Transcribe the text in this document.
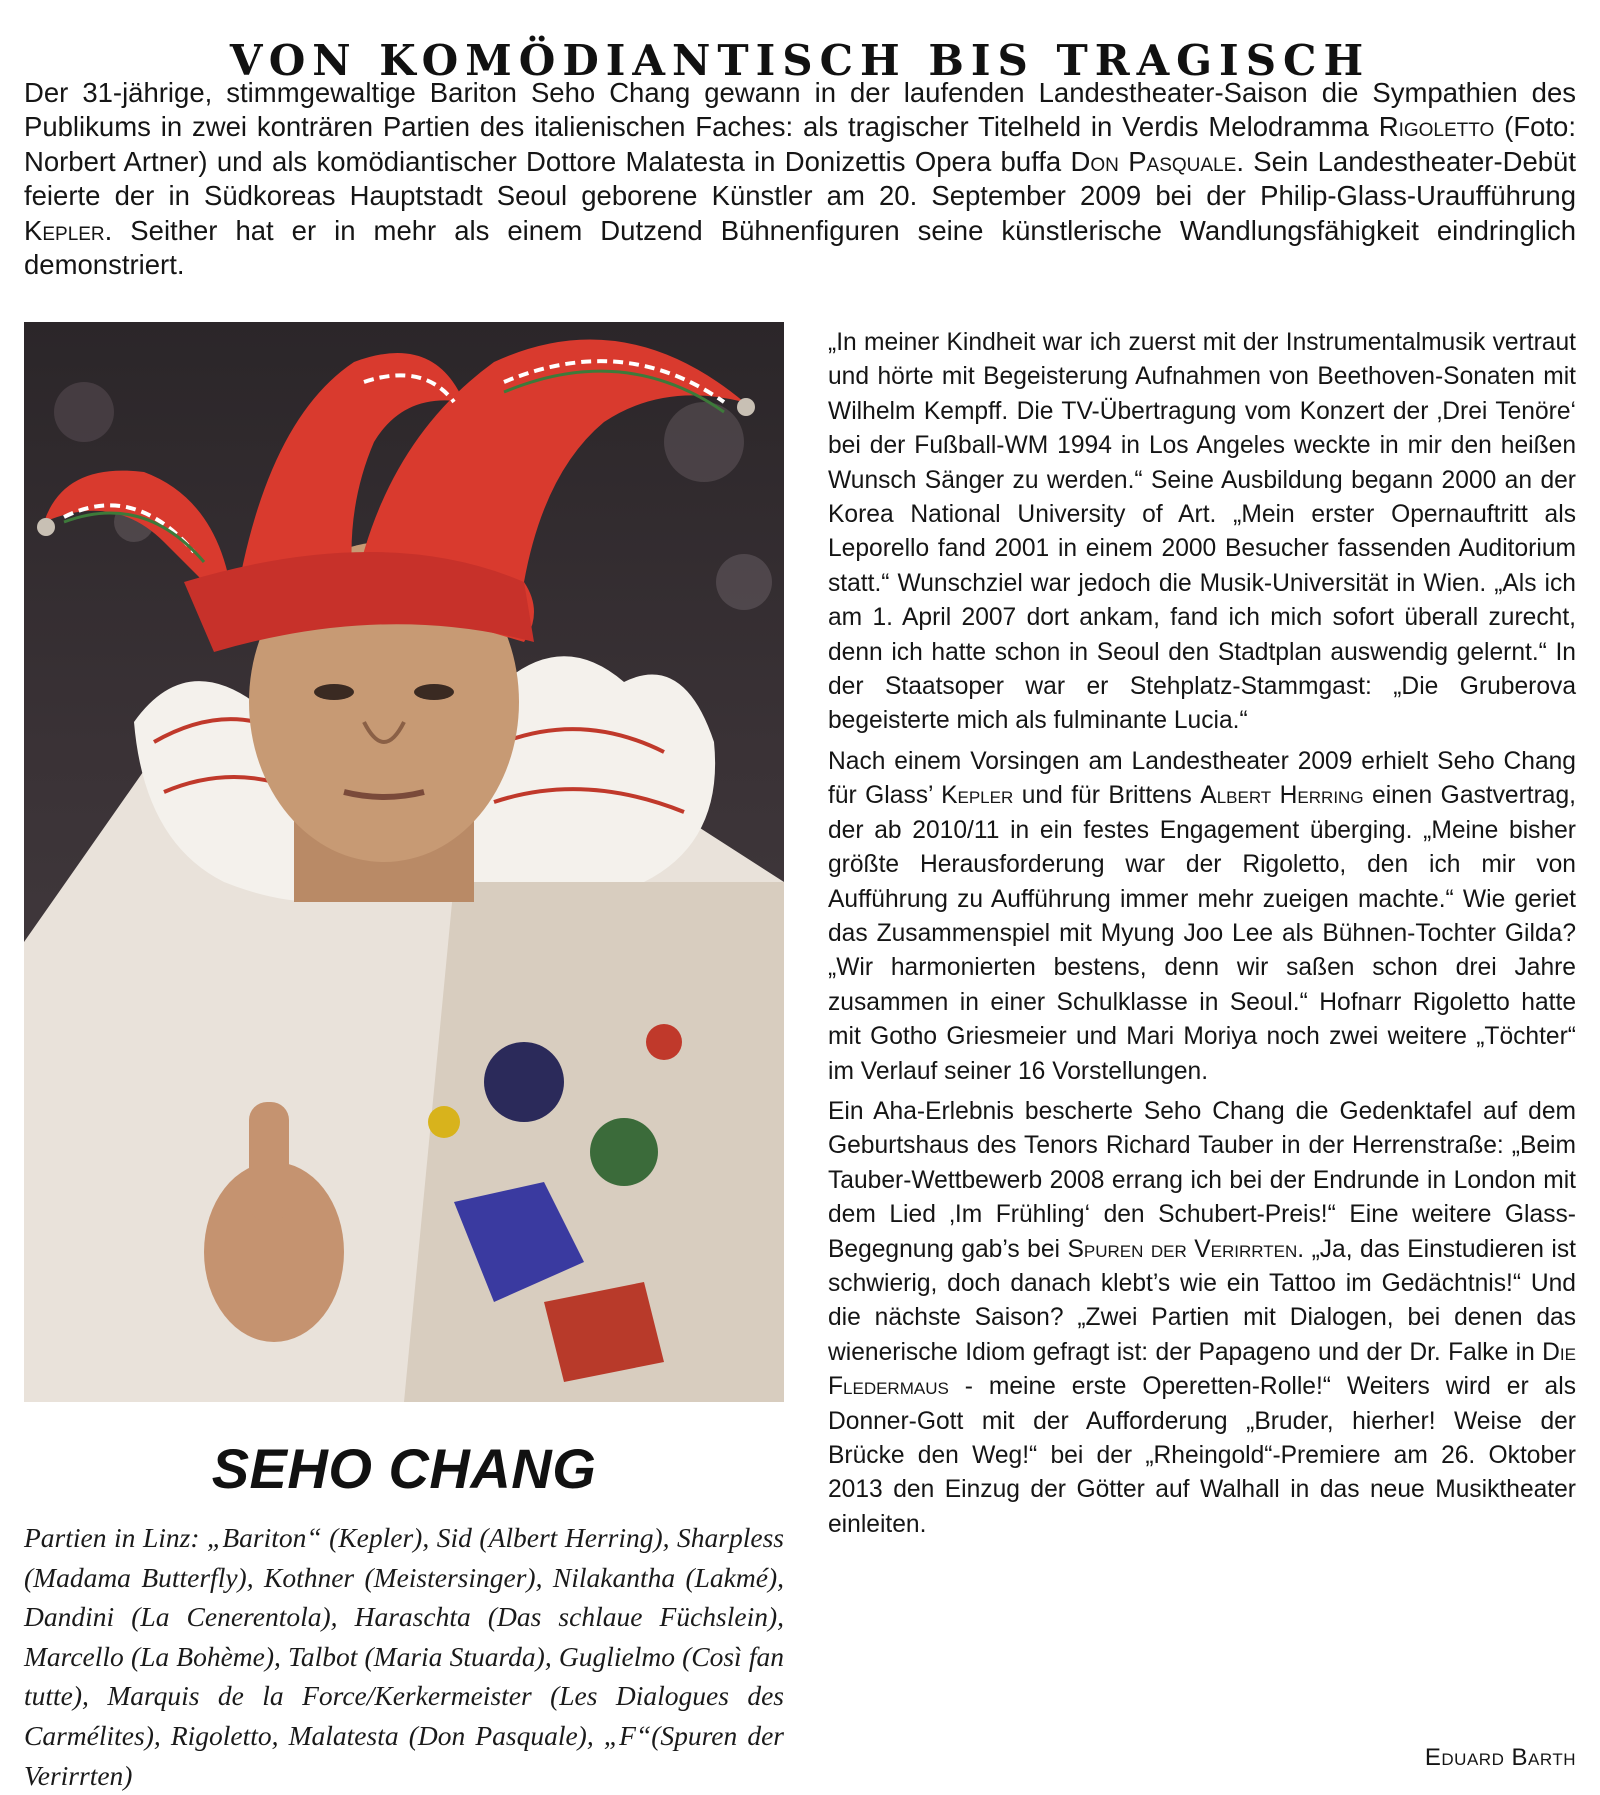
VON KOMÖDIANTISCH BIS TRAGISCH
Der 31-jährige, stimmgewaltige Bariton Seho Chang gewann in der laufenden Landestheater-Saison die Sympathien des Publikums in zwei konträren Partien des italienischen Faches: als tragischer Titelheld in Verdis Melodramma Rigoletto (Foto: Norbert Artner) und als komödiantischer Dottore Malatesta in Donizettis Opera buffa Don Pasquale. Sein Landestheater-Debüt feierte der in Südkoreas Hauptstadt Seoul geborene Künstler am 20. September 2009 bei der Philip-Glass-Uraufführung Kepler. Seither hat er in mehr als einem Dutzend Bühnenfiguren seine künstlerische Wandlungsfähigkeit eindringlich demonstriert.
SEHO CHANG
Partien in Linz: „Bariton“ (Kepler), Sid (Albert Herring), Sharpless (Madama Butterfly), Kothner (Meistersinger), Nilakantha (Lakmé), Dandini (La Cenerentola), Haraschta (Das schlaue Füchslein), Marcello (La Bohème), Talbot (Maria Stuarda), Guglielmo (Così fan tutte), Marquis de la Force/Kerkermeister (Les Dialogues des Carmélites), Rigoletto, Malatesta (Don Pasquale), „F“(Spuren der Verirrten)

„In meiner Kindheit war ich zuerst mit der Instrumentalmusik vertraut und hörte mit Begeisterung Aufnahmen von Beethoven-Sonaten mit Wilhelm Kempff. Die TV-Übertragung vom Konzert der ‚Drei Tenöre‘ bei der Fußball-WM 1994 in Los Angeles weckte in mir den heißen Wunsch Sänger zu werden.“ Seine Ausbildung begann 2000 an der Korea National University of Art. „Mein erster Opernauftritt als Leporello fand 2001 in einem 2000 Besucher fassenden Auditorium statt.“ Wunschziel war jedoch die Musik-Universität in Wien. „Als ich am 1. April 2007 dort ankam, fand ich mich sofort überall zurecht, denn ich hatte schon in Seoul den Stadtplan auswendig gelernt.“ In der Staatsoper war er Stehplatz-Stammgast: „Die Gruberova begeisterte mich als fulminante Lucia.“

Nach einem Vorsingen am Landestheater 2009 erhielt Seho Chang für Glass’ Kepler und für Brittens Albert Herring einen Gastvertrag, der ab 2010/11 in ein festes Engagement überging. „Meine bisher größte Herausforderung war der Rigoletto, den ich mir von Aufführung zu Aufführung immer mehr zueigen machte.“ Wie geriet das Zusammenspiel mit Myung Joo Lee als Bühnen-Tochter Gilda? „Wir harmonierten bestens, denn wir saßen schon drei Jahre zusammen in einer Schulklasse in Seoul.“ Hofnarr Rigoletto hatte mit Gotho Griesmeier und Mari Moriya noch zwei weitere „Töchter“ im Verlauf seiner 16 Vorstellungen.

Ein Aha-Erlebnis bescherte Seho Chang die Gedenktafel auf dem Geburtshaus des Tenors Richard Tauber in der Herrenstraße: „Beim Tauber-Wettbewerb 2008 errang ich bei der Endrunde in London mit dem Lied ‚Im Frühling‘ den Schubert-Preis!“ Eine weitere Glass-Begegnung gab’s bei Spuren der Verirrten. „Ja, das Einstudieren ist schwierig, doch danach klebt’s wie ein Tattoo im Gedächtnis!“ Und die nächste Saison? „Zwei Partien mit Dialogen, bei denen das wienerische Idiom gefragt ist: der Papageno und der Dr. Falke in Die Fledermaus - meine erste Operetten-Rolle!“ Weiters wird er als Donner-Gott mit der Aufforderung „Bruder, hierher! Weise der Brücke den Weg!“ bei der „Rheingold“-Premiere am 26. Oktober 2013 den Einzug der Götter auf Walhall in das neue Musiktheater einleiten.

Eduard Barth
